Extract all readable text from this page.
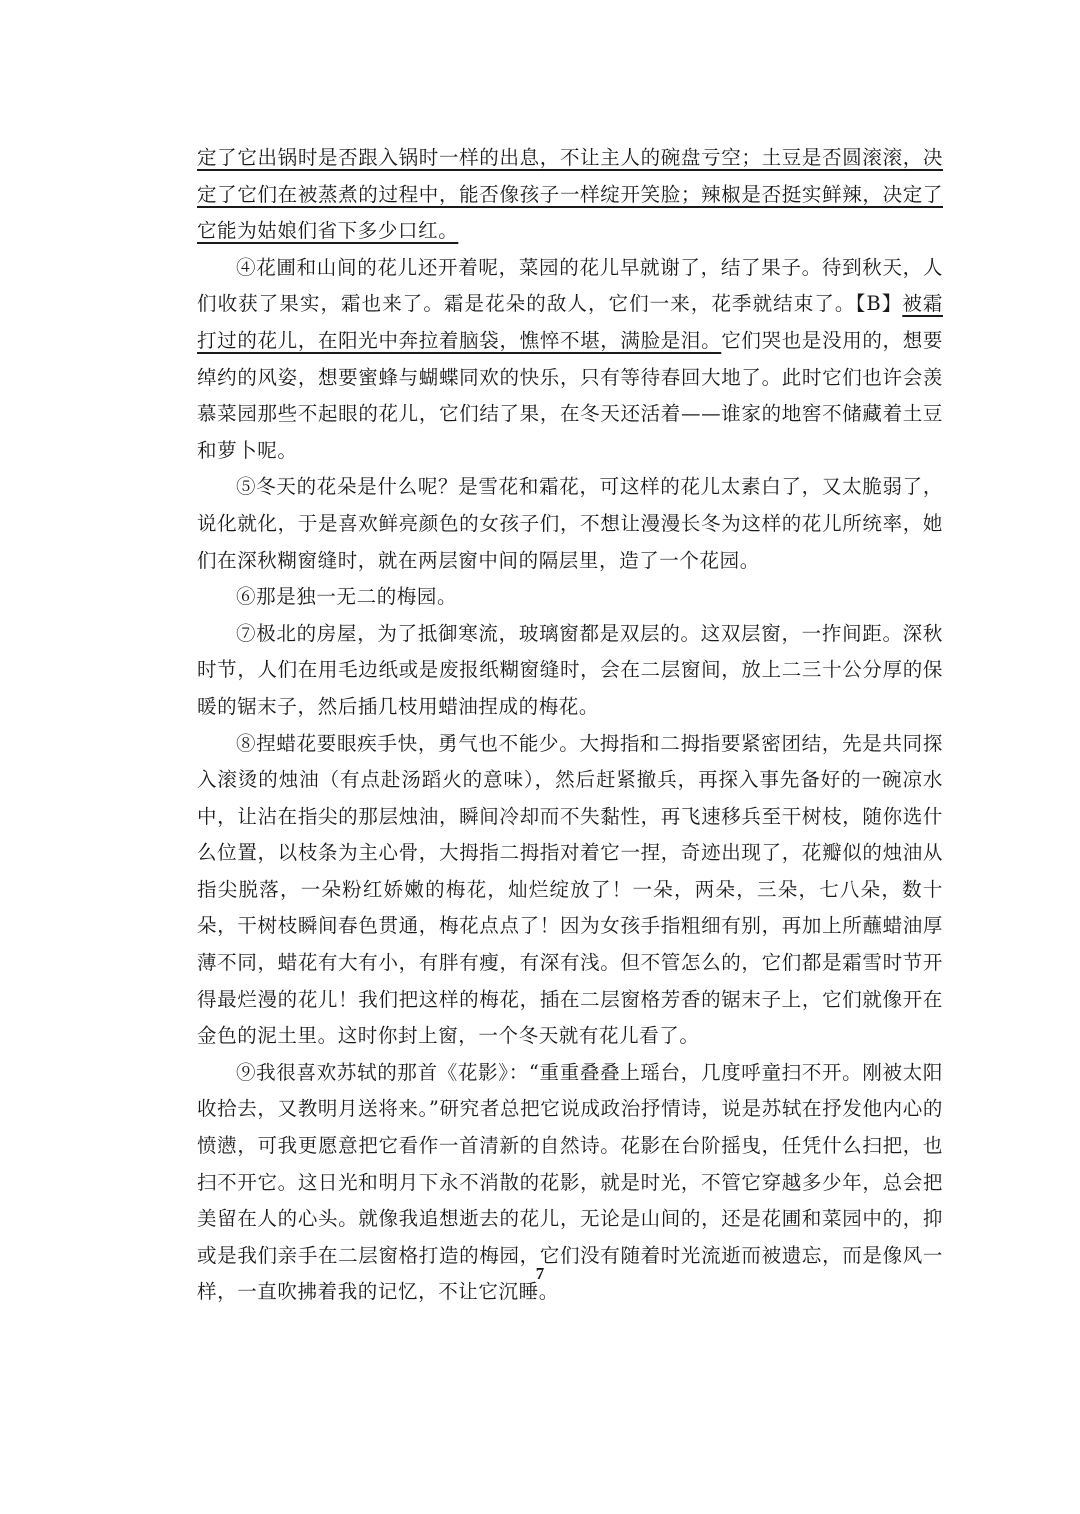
定了它出锅时是否跟入锅时一样的出息，不让主人的碗盘亏空；土豆是否圆滚滚，决定了它们在被蒸煮的过程中，能否像孩子一样绽开笑脸；辣椒是否挺实鲜辣，决定了它能为姑娘们省下多少口红。

④花圃和山间的花儿还开着呢，菜园的花儿早就谢了，结了果子。待到秋天，人们收获了果实，霜也来了。霜是花朵的敌人，它们一来，花季就结束了。【B】被霜打过的花儿，在阳光中奔拉着脑袋，憔悴不堪，满脸是泪。它们哭也是没用的，想要绰约的风姿，想要蜜蜂与蝴蝶同欢的快乐，只有等待春回大地了。此时它们也许会羡慕菜园那些不起眼的花儿，它们结了果，在冬天还活着——谁家的地窖不储藏着土豆和萝卜呢。

⑤冬天的花朵是什么呢？是雪花和霜花，可这样的花儿太素白了，又太脆弱了，说化就化，于是喜欢鲜亮颜色的女孩子们，不想让漫漫长冬为这样的花儿所统率，她们在深秋糊窗缝时，就在两层窗中间的隔层里，造了一个花园。

⑥那是独一无二的梅园。

⑦极北的房屋，为了抵御寒流，玻璃窗都是双层的。这双层窗，一拃间距。深秋时节，人们在用毛边纸或是废报纸糊窗缝时，会在二层窗间，放上二三十公分厚的保暖的锯末子，然后插几枝用蜡油捏成的梅花。

⑧捏蜡花要眼疾手快，勇气也不能少。大拇指和二拇指要紧密团结，先是共同探入滚烫的烛油（有点赴汤蹈火的意味），然后赶紧撤兵，再探入事先备好的一碗凉水中，让沾在指尖的那层烛油，瞬间冷却而不失黏性，再飞速移兵至干树枝，随你选什么位置，以枝条为主心骨，大拇指二拇指对着它一捏，奇迹出现了，花瓣似的烛油从指尖脱落，一朵粉红娇嫩的梅花，灿烂绽放了！一朵，两朵，三朵，七八朵，数十朵，干树枝瞬间春色贯通，梅花点点了！因为女孩手指粗细有别，再加上所蘸蜡油厚薄不同，蜡花有大有小，有胖有瘦，有深有浅。但不管怎么的，它们都是霜雪时节开得最烂漫的花儿！我们把这样的梅花，插在二层窗格芳香的锯末子上，它们就像开在金色的泥土里。这时你封上窗，一个冬天就有花儿看了。

⑨我很喜欢苏轼的那首《花影》：“重重叠叠上瑶台，几度呼童扫不开。刚被太阳收拾去，又教明月送将来。”研究者总把它说成政治抒情诗，说是苏轼在抒发他内心的愤懑，可我更愿意把它看作一首清新的自然诗。花影在台阶摇曳，任凭什么扫把，也扫不开它。这日光和明月下永不消散的花影，就是时光，不管它穿越多少年，总会把美留在人的心头。就像我追想逝去的花儿，无论是山间的，还是花圃和菜园中的，抑或是我们亲手在二层窗格打造的梅园，它们没有随着时光流逝而被遗忘，而是像风一样，一直吹拂着我的记忆，不让它沉睡。

7
